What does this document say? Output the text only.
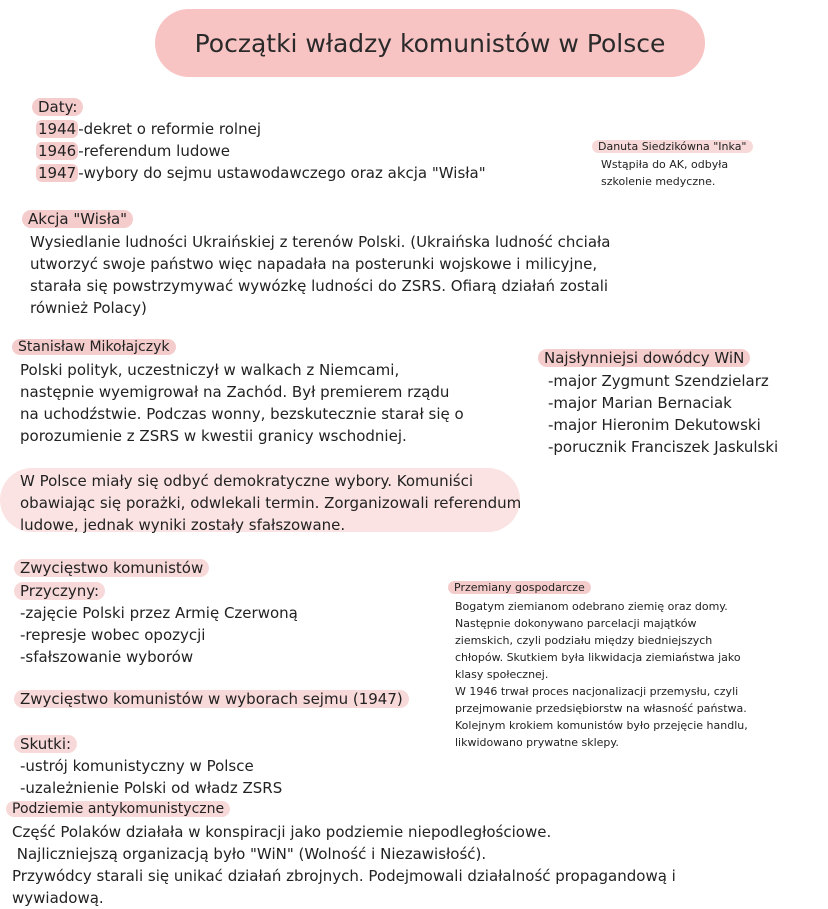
Początki władzy komunistów w Polsce
Daty:
1944 -dekret o reformie rolnej
1946 -referendum ludowe
1947 -wybory do sejmu ustawodawczego oraz akcja "Wisła"
Danuta Siedzikówna "Inka"
Wstąpiła do AK, odbyła
szkolenie medyczne.
Akcja "Wisła"
Wysiedlanie ludności Ukraińskiej z terenów Polski. (Ukraińska ludność chciała
utworzyć swoje państwo więc napadała na posterunki wojskowe i milicyjne,
starała się powstrzymywać wywózkę ludności do ZSRS. Ofiarą działań zostali
również Polacy)
Stanisław Mikołajczyk
Polski polityk, uczestniczył w walkach z Niemcami,
następnie wyemigrował na Zachód. Był premierem rządu
na uchodźstwie. Podczas wonny, bezskutecznie starał się o
porozumienie z ZSRS w kwestii granicy wschodniej.
Najsłynniejsi dowódcy WiN
-major Zygmunt Szendzielarz
-major Marian Bernaciak
-major Hieronim Dekutowski
-porucznik Franciszek Jaskulski
W Polsce miały się odbyć demokratyczne wybory. Komuniści
obawiając się porażki, odwlekali termin. Zorganizowali referendum
ludowe, jednak wyniki zostały sfałszowane.
Zwycięstwo komunistów
Przyczyny:
-zajęcie Polski przez Armię Czerwoną
-represje wobec opozycji
-sfałszowanie wyborów
Przemiany gospodarcze
Bogatym ziemianom odebrano ziemię oraz domy.
Następnie dokonywano parcelacji majątków
ziemskich, czyli podziału między biedniejszych
chłopów. Skutkiem była likwidacja ziemiaństwa jako
klasy społecznej.
W 1946 trwał proces nacjonalizacji przemysłu, czyli
przejmowanie przedsiębiorstw na własność państwa.
Kolejnym krokiem komunistów było przejęcie handlu,
likwidowano prywatne sklepy.
Zwycięstwo komunistów w wyborach sejmu (1947)
Skutki:
-ustrój komunistyczny w Polsce
-uzależnienie Polski od władz ZSRS
Podziemie antykomunistyczne
Część Polaków działała w konspiracji jako podziemie niepodległościowe.
Najliczniejszą organizacją było "WiN" (Wolność i Niezawisłość).
Przywódcy starali się unikać działań zbrojnych. Podejmowali działalność propagandową i
wywiadową.
